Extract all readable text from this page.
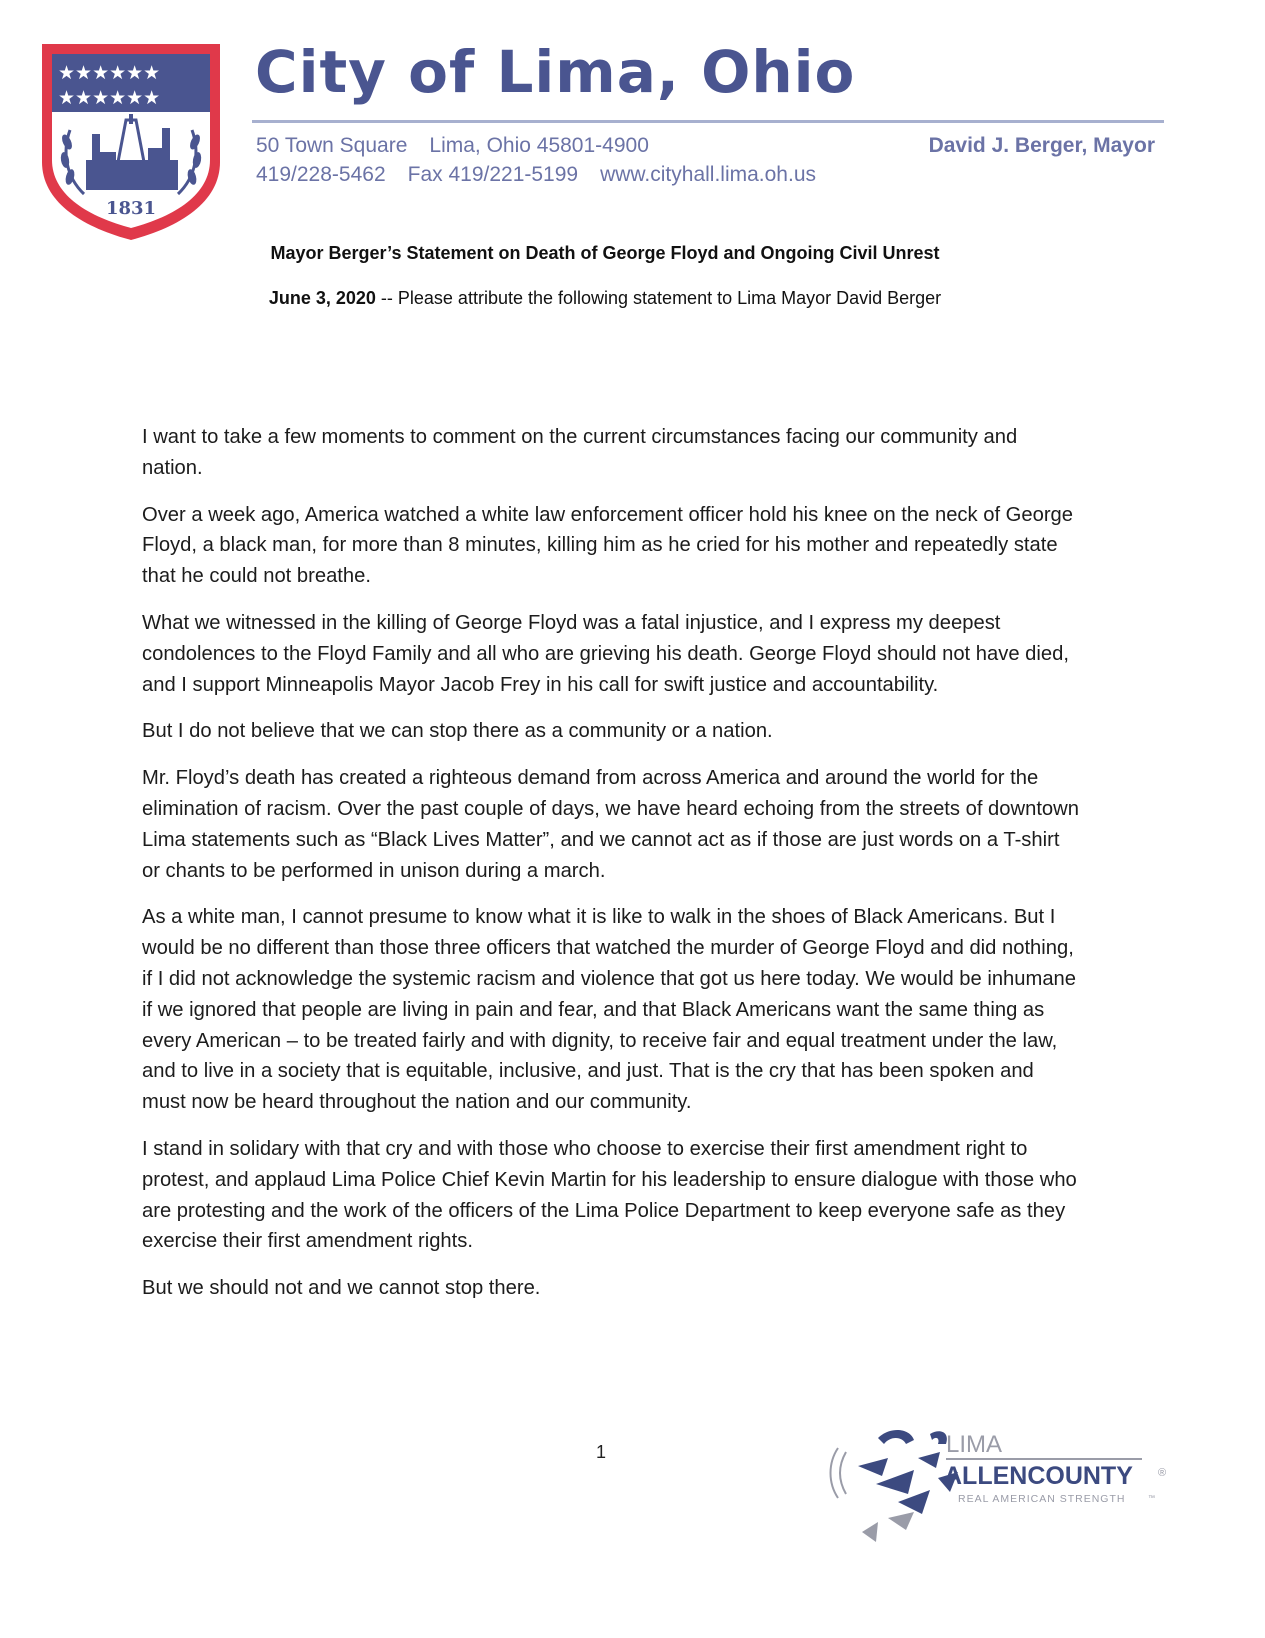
★★★★★★
★★★★★★
1831
City of Lima, Ohio
50 Town Square Lima, Ohio 45801-4900
419/228-5462 Fax 419/221-5199 www.cityhall.lima.oh.us
David J. Berger, Mayor
Mayor Berger’s Statement on Death of George Floyd and Ongoing Civil Unrest
June 3, 2020 -- Please attribute the following statement to Lima Mayor David Berger

I want to take a few moments to comment on the current circumstances facing our community and nation.

Over a week ago, America watched a white law enforcement officer hold his knee on the neck of George Floyd, a black man, for more than 8 minutes, killing him as he cried for his mother and repeatedly state that he could not breathe.

What we witnessed in the killing of George Floyd was a fatal injustice, and I express my deepest condolences to the Floyd Family and all who are grieving his death. George Floyd should not have died, and I support Minneapolis Mayor Jacob Frey in his call for swift justice and accountability.

But I do not believe that we can stop there as a community or a nation.

Mr. Floyd’s death has created a righteous demand from across America and around the world for the elimination of racism. Over the past couple of days, we have heard echoing from the streets of downtown Lima statements such as “Black Lives Matter”, and we cannot act as if those are just words on a T-shirt or chants to be performed in unison during a march.

As a white man, I cannot presume to know what it is like to walk in the shoes of Black Americans. But I would be no different than those three officers that watched the murder of George Floyd and did nothing, if I did not acknowledge the systemic racism and violence that got us here today. We would be inhumane if we ignored that people are living in pain and fear, and that Black Americans want the same thing as every American – to be treated fairly and with dignity, to receive fair and equal treatment under the law, and to live in a society that is equitable, inclusive, and just. That is the cry that has been spoken and must now be heard throughout the nation and our community.

I stand in solidary with that cry and with those who choose to exercise their first amendment right to protest, and applaud Lima Police Chief Kevin Martin for his leadership to ensure dialogue with those who are protesting and the work of the officers of the Lima Police Department to keep everyone safe as they exercise their first amendment rights.

But we should not and we cannot stop there.

1	LIMA
ALLENCOUNTY ®
REAL AMERICAN STRENGTH	™
